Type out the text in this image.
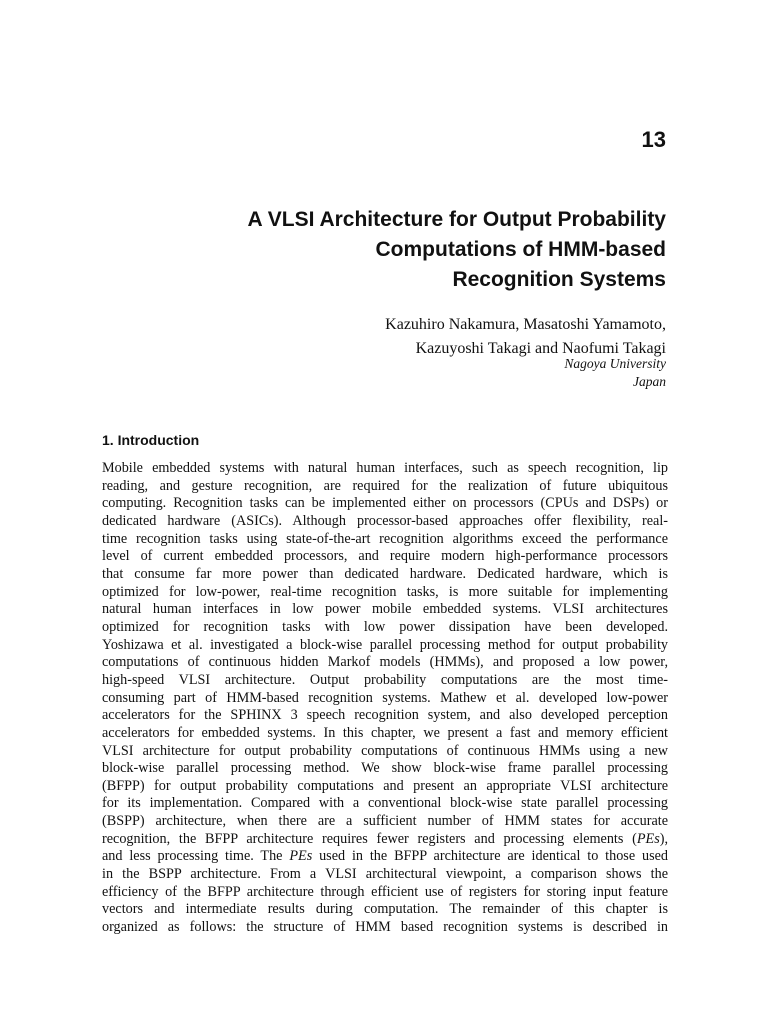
13
A VLSI Architecture for Output Probability
Computations of HMM-based
Recognition Systems
Kazuhiro Nakamura, Masatoshi Yamamoto,
Kazuyoshi Takagi and Naofumi Takagi
Nagoya University
Japan
1. Introduction

Mobile embedded systems with natural human interfaces, such as speech recognition, lip
reading, and gesture recognition, are required for the realization of future ubiquitous
computing. Recognition tasks can be implemented either on processors (CPUs and DSPs) or
dedicated hardware (ASICs). Although processor-based approaches offer flexibility, real-
time recognition tasks using state-of-the-art recognition algorithms exceed the performance
level of current embedded processors, and require modern high-performance processors
that consume far more power than dedicated hardware. Dedicated hardware, which is
optimized for low-power, real-time recognition tasks, is more suitable for implementing
natural human interfaces in low power mobile embedded systems. VLSI architectures
optimized for recognition tasks with low power dissipation have been developed.
Yoshizawa et al. investigated a block-wise parallel processing method for output probability
computations of continuous hidden Markof models (HMMs), and proposed a low power,
high-speed VLSI architecture. Output probability computations are the most time-
consuming part of HMM-based recognition systems. Mathew et al. developed low-power
accelerators for the SPHINX 3 speech recognition system, and also developed perception
accelerators for embedded systems. In this chapter, we present a fast and memory efficient
VLSI architecture for output probability computations of continuous HMMs using a new
block-wise parallel processing method. We show block-wise frame parallel processing
(BFPP) for output probability computations and present an appropriate VLSI architecture
for its implementation. Compared with a conventional block-wise state parallel processing
(BSPP) architecture, when there are a sufficient number of HMM states for accurate
recognition, the BFPP architecture requires fewer registers and processing elements (PEs),
and less processing time. The PEs used in the BFPP architecture are identical to those used
in the BSPP architecture. From a VLSI architectural viewpoint, a comparison shows the
efficiency of the BFPP architecture through efficient use of registers for storing input feature
vectors and intermediate results during computation. The remainder of this chapter is
organized as follows: the structure of HMM based recognition systems is described in
